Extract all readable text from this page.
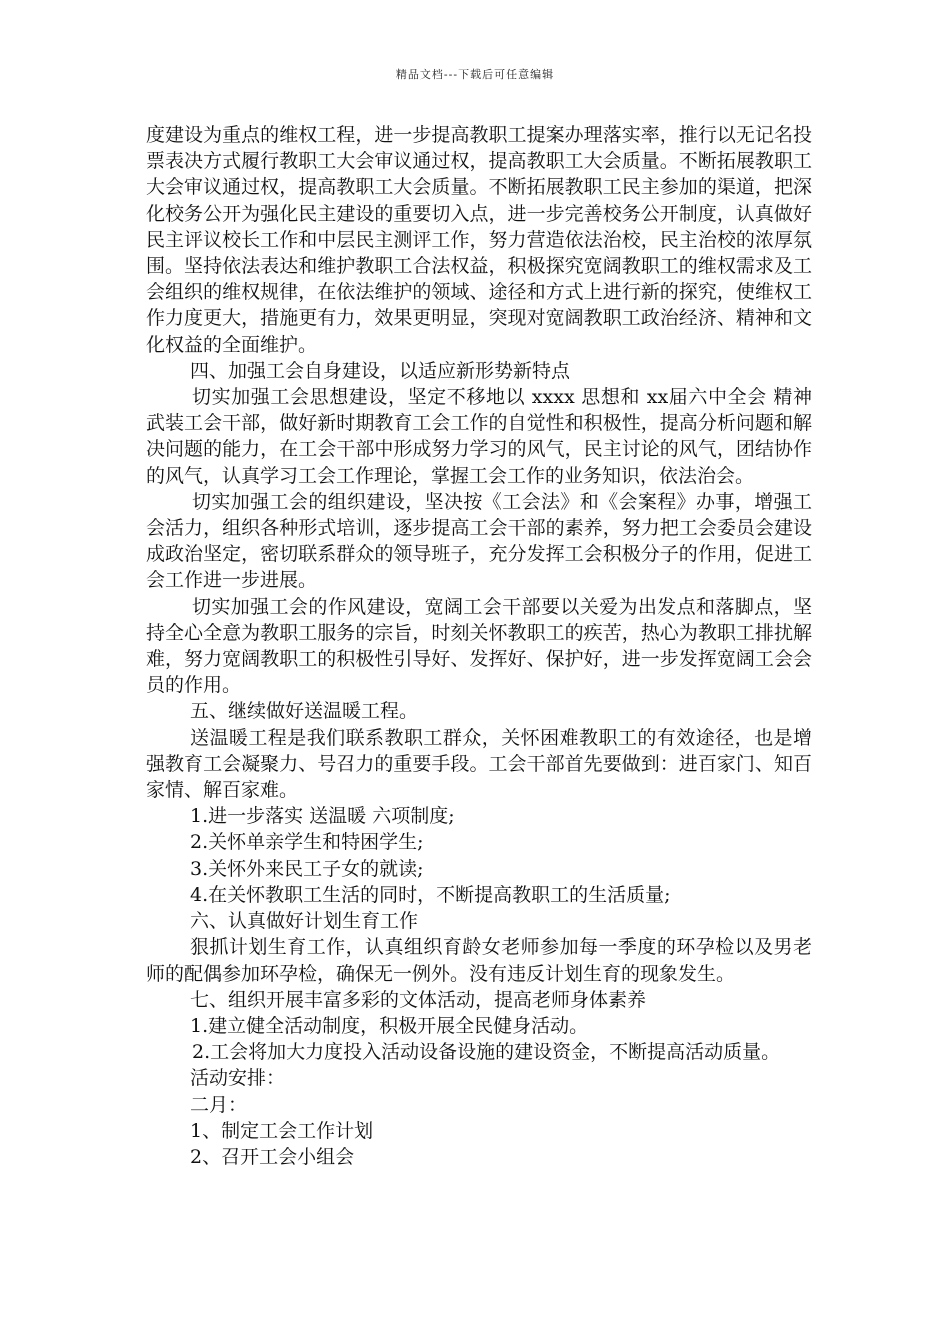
精品文档---下载后可任意编辑

度建设为重点的维权工程，进一步提高教职工提案办理落实率，推行以无记名投票表决方式履行教职工大会审议通过权，提高教职工大会质量。不断拓展教职工大会审议通过权，提高教职工大会质量。不断拓展教职工民主参加的渠道，把深化校务公开为强化民主建设的重要切入点，进一步完善校务公开制度，认真做好民主评议校长工作和中层民主测评工作，努力营造依法治校，民主治校的浓厚氛围。坚持依法表达和维护教职工合法权益，积极探究宽阔教职工的维权需求及工会组织的维权规律，在依法维护的领域、途径和方式上进行新的探究，使维权工作力度更大，措施更有力，效果更明显，突现对宽阔教职工政治经济、精神和文化权益的全面维护。

四、加强工会自身建设，以适应新形势新特点

切实加强工会思想建设，坚定不移地以 xxxx 思想和 xx届六中全会 精神武装工会干部，做好新时期教育工会工作的自觉性和积极性，提高分析问题和解决问题的能力，在工会干部中形成努力学习的风气，民主讨论的风气，团结协作的风气，认真学习工会工作理论，掌握工会工作的业务知识，依法治会。

切实加强工会的组织建设，坚决按《工会法》和《会案程》办事，增强工会活力，组织各种形式培训，逐步提高工会干部的素养，努力把工会委员会建设成政治坚定，密切联系群众的领导班子，充分发挥工会积极分子的作用，促进工会工作进一步进展。

切实加强工会的作风建设，宽阔工会干部要以关爱为出发点和落脚点，坚持全心全意为教职工服务的宗旨，时刻关怀教职工的疾苦，热心为教职工排扰解难，努力宽阔教职工的积极性引导好、发挥好、保护好，进一步发挥宽阔工会会员的作用。

五、继续做好送温暖工程。

送温暖工程是我们联系教职工群众，关怀困难教职工的有效途径，也是增强教育工会凝聚力、号召力的重要手段。工会干部首先要做到：进百家门、知百家情、解百家难。

1.进一步落实 送温暖 六项制度;

2.关怀单亲学生和特困学生;

3.关怀外来民工子女的就读;

4.在关怀教职工生活的同时，不断提高教职工的生活质量;

六、认真做好计划生育工作

狠抓计划生育工作，认真组织育龄女老师参加每一季度的环孕检以及男老师的配偶参加环孕检，确保无一例外。没有违反计划生育的现象发生。

七、组织开展丰富多彩的文体活动，提高老师身体素养

1.建立健全活动制度，积极开展全民健身活动。

2.工会将加大力度投入活动设备设施的建设资金，不断提高活动质量。

活动安排：

二月：

1、制定工会工作计划

2、召开工会小组会
